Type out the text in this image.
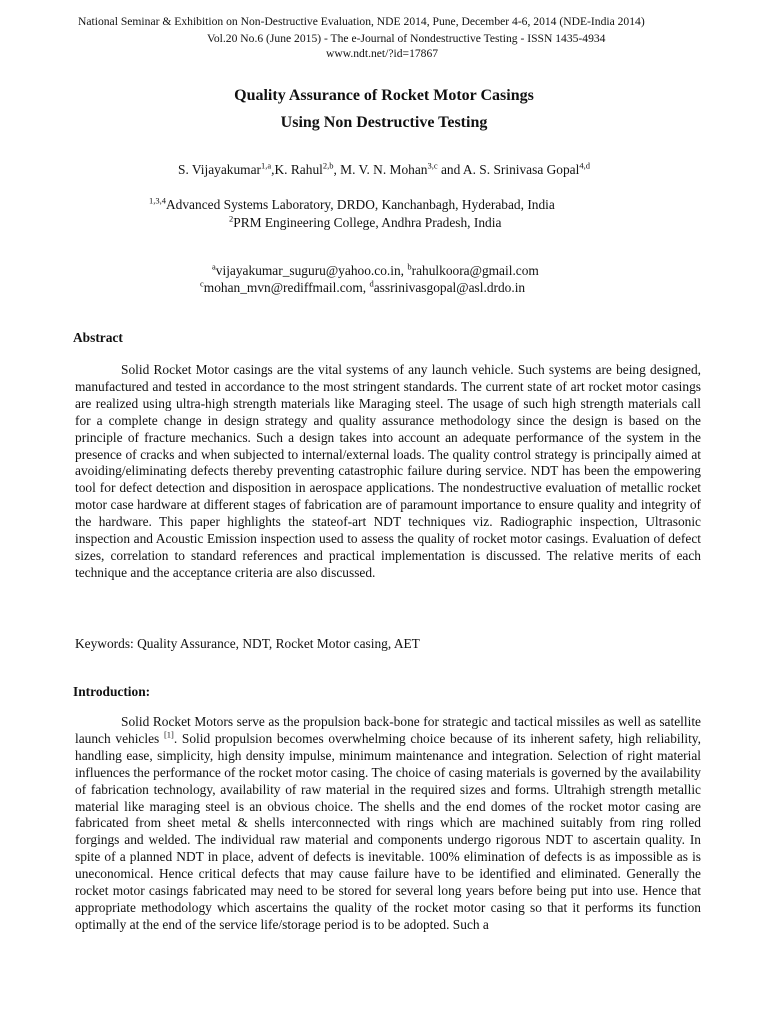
National Seminar & Exhibition on Non-Destructive Evaluation, NDE 2014, Pune, December 4-6, 2014 (NDE-India 2014)
Vol.20 No.6 (June 2015) - The e-Journal of Nondestructive Testing - ISSN 1435-4934
www.ndt.net/?id=17867
Quality Assurance of Rocket Motor Casings
Using Non Destructive Testing
S. Vijayakumar$^{1,a}$,K. Rahul$^{2,b}$, M. V. N. Mohan$^{3,c}$ and A. S. Srinivasa Gopal$^{4,d}$
$^{1,3,4}$Advanced Systems Laboratory, DRDO, Kanchanbagh, Hyderabad, India
$^2$PRM Engineering College, Andhra Pradesh, India
$^a$vijayakumar_suguru@yahoo.co.in, $^b$rahulkoora@gmail.com
$^c$mohan_mvn@rediffmail.com, $^d$assrinivasgopal@asl.drdo.in
Abstract
Solid Rocket Motor casings are the vital systems of any launch vehicle. Such systems are being designed, manufactured and tested in accordance to the most stringent standards. The current state of art rocket motor casings are realized using ultra-high strength materials like Maraging steel. The usage of such high strength materials call for a complete change in design strategy and quality assurance methodology since the design is based on the principle of fracture mechanics. Such a design takes into account an adequate performance of the system in the presence of cracks and when subjected to internal/external loads. The quality control strategy is principally aimed at avoiding/eliminating defects thereby preventing catastrophic failure during service. NDT has been the empowering tool for defect detection and disposition in aerospace applications. The nondestructive evaluation of metallic rocket motor case hardware at different stages of fabrication are of paramount importance to ensure quality and integrity of the hardware. This paper highlights the stateof-art NDT techniques viz. Radiographic inspection, Ultrasonic inspection and Acoustic Emission inspection used to assess the quality of rocket motor casings. Evaluation of defect sizes, correlation to standard references and practical implementation is discussed. The relative merits of each technique and the acceptance criteria are also discussed.
Keywords: Quality Assurance, NDT, Rocket Motor casing, AET
Introduction:
Solid Rocket Motors serve as the propulsion back-bone for strategic and tactical missiles as well as satellite launch vehicles [1]. Solid propulsion becomes overwhelming choice because of its inherent safety, high reliability, handling ease, simplicity, high density impulse, minimum maintenance and integration. Selection of right material influences the performance of the rocket motor casing. The choice of casing materials is governed by the availability of fabrication technology, availability of raw material in the required sizes and forms. Ultrahigh strength metallic material like maraging steel is an obvious choice. The shells and the end domes of the rocket motor casing are fabricated from sheet metal & shells interconnected with rings which are machined suitably from ring rolled forgings and welded. The individual raw material and components undergo rigorous NDT to ascertain quality. In spite of a planned NDT in place, advent of defects is inevitable. 100% elimination of defects is as impossible as is uneconomical. Hence critical defects that may cause failure have to be identified and eliminated. Generally the rocket motor casings fabricated may need to be stored for several long years before being put into use. Hence that appropriate methodology which ascertains the quality of the rocket motor casing so that it performs its function optimally at the end of the service life/storage period is to be adopted. Such a
